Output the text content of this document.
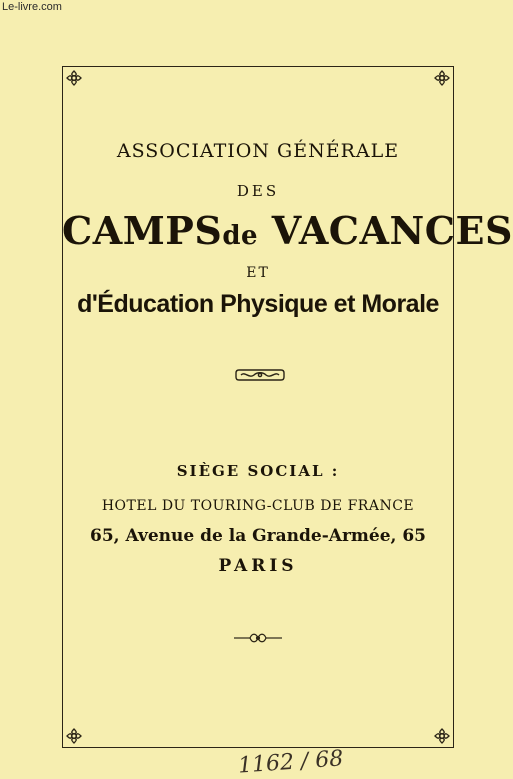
Le-livre.com
ASSOCIATION GÉNÉRALE
DES
CAMPSde VACANCES
ET
d'Éducation Physique et Morale
SIÈGE SOCIAL :
HOTEL DU TOURING-CLUB DE FRANCE
65, Avenue de la Grande-Armée, 65
PARIS
1162 / 68
